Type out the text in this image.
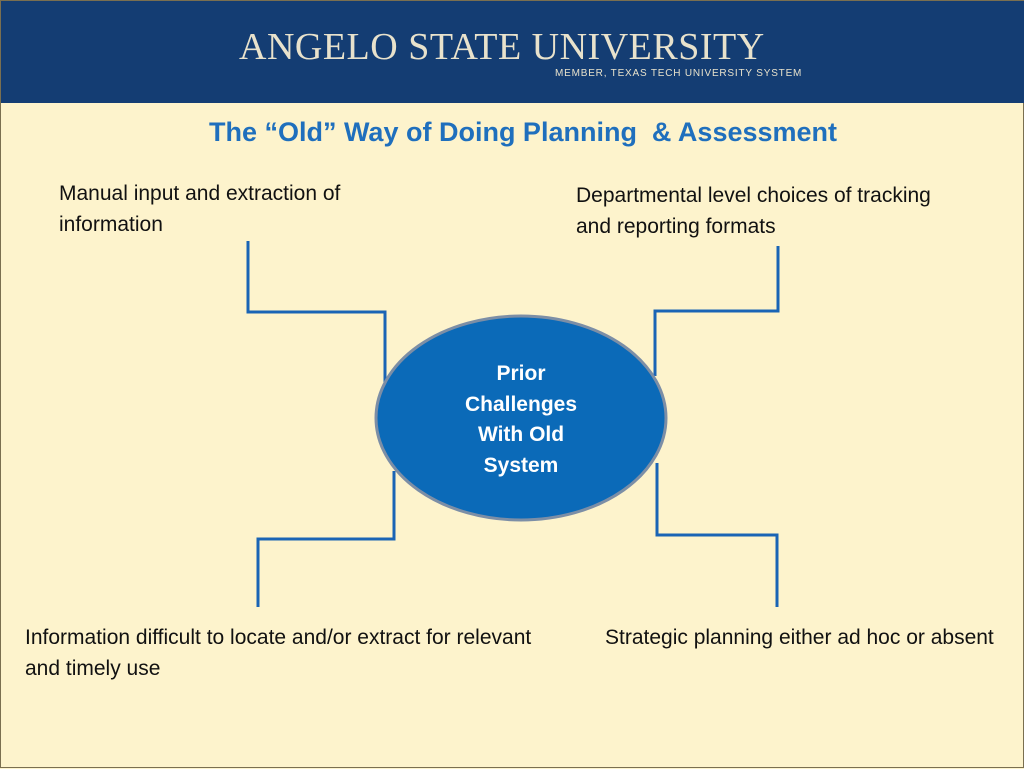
ANGELO STATE UNIVERSITY
MEMBER, TEXAS TECH UNIVERSITY SYSTEM
The “Old” Way of Doing Planning  & Assessment
Prior
Challenges
With Old
System
Manual input and extraction of information
Departmental level choices of tracking and reporting formats
Information difficult to locate and/or extract for relevant and timely use
Strategic planning either ad hoc or absent
